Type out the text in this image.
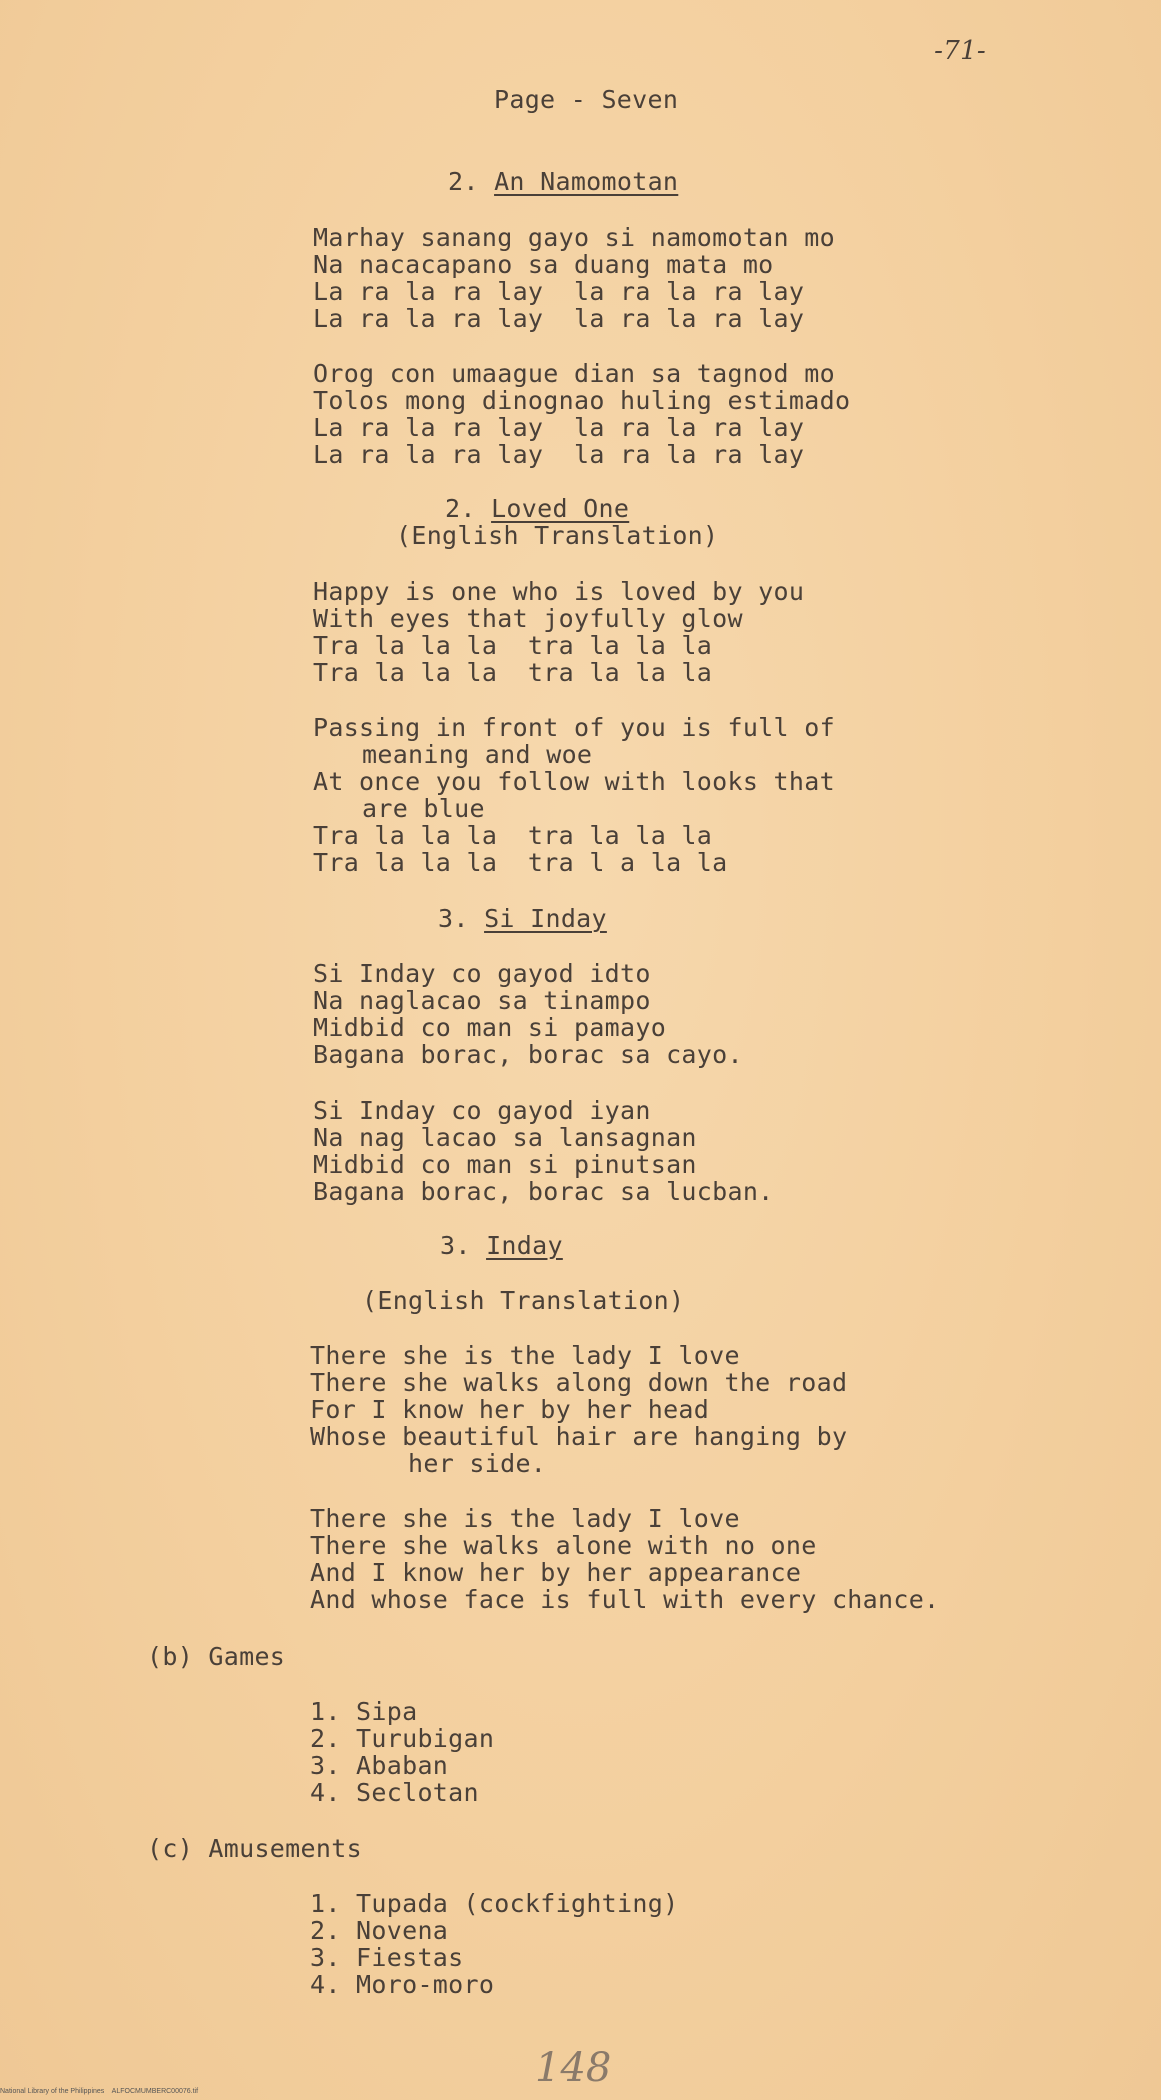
-71-
Page - Seven
2. An Namomotan
Marhay sanang gayo si namomotan mo
Na nacacapano sa duang mata mo
La ra la ra lay  la ra la ra lay
La ra la ra lay  la ra la ra lay
Orog con umaague dian sa tagnod mo
Tolos mong dinognao huling estimado
La ra la ra lay  la ra la ra lay
La ra la ra lay  la ra la ra lay
2. Loved One
(English Translation)
Happy is one who is loved by you
With eyes that joyfully glow
Tra la la la  tra la la la
Tra la la la  tra la la la
Passing in front of you is full of
meaning and woe
At once you follow with looks that
are blue
Tra la la la  tra la la la
Tra la la la  tra l a la la
3. Si Inday
Si Inday co gayod idto
Na naglacao sa tinampo
Midbid co man si pamayo
Bagana borac, borac sa cayo.
Si Inday co gayod iyan
Na nag lacao sa lansagnan
Midbid co man si pinutsan
Bagana borac, borac sa lucban.
3. Inday
(English Translation)
There she is the lady I love
There she walks along down the road
For I know her by her head
Whose beautiful hair are hanging by
her side.
There she is the lady I love
There she walks alone with no one
And I know her by her appearance
And whose face is full with every chance.
(b) Games
1. Sipa
2. Turubigan
3. Ababan
4. Seclotan
(c) Amusements
1. Tupada (cockfighting)
2. Novena
3. Fiestas
4. Moro-moro
148
National Library of the Philippines    ALFOCMUMBERC00076.tif
